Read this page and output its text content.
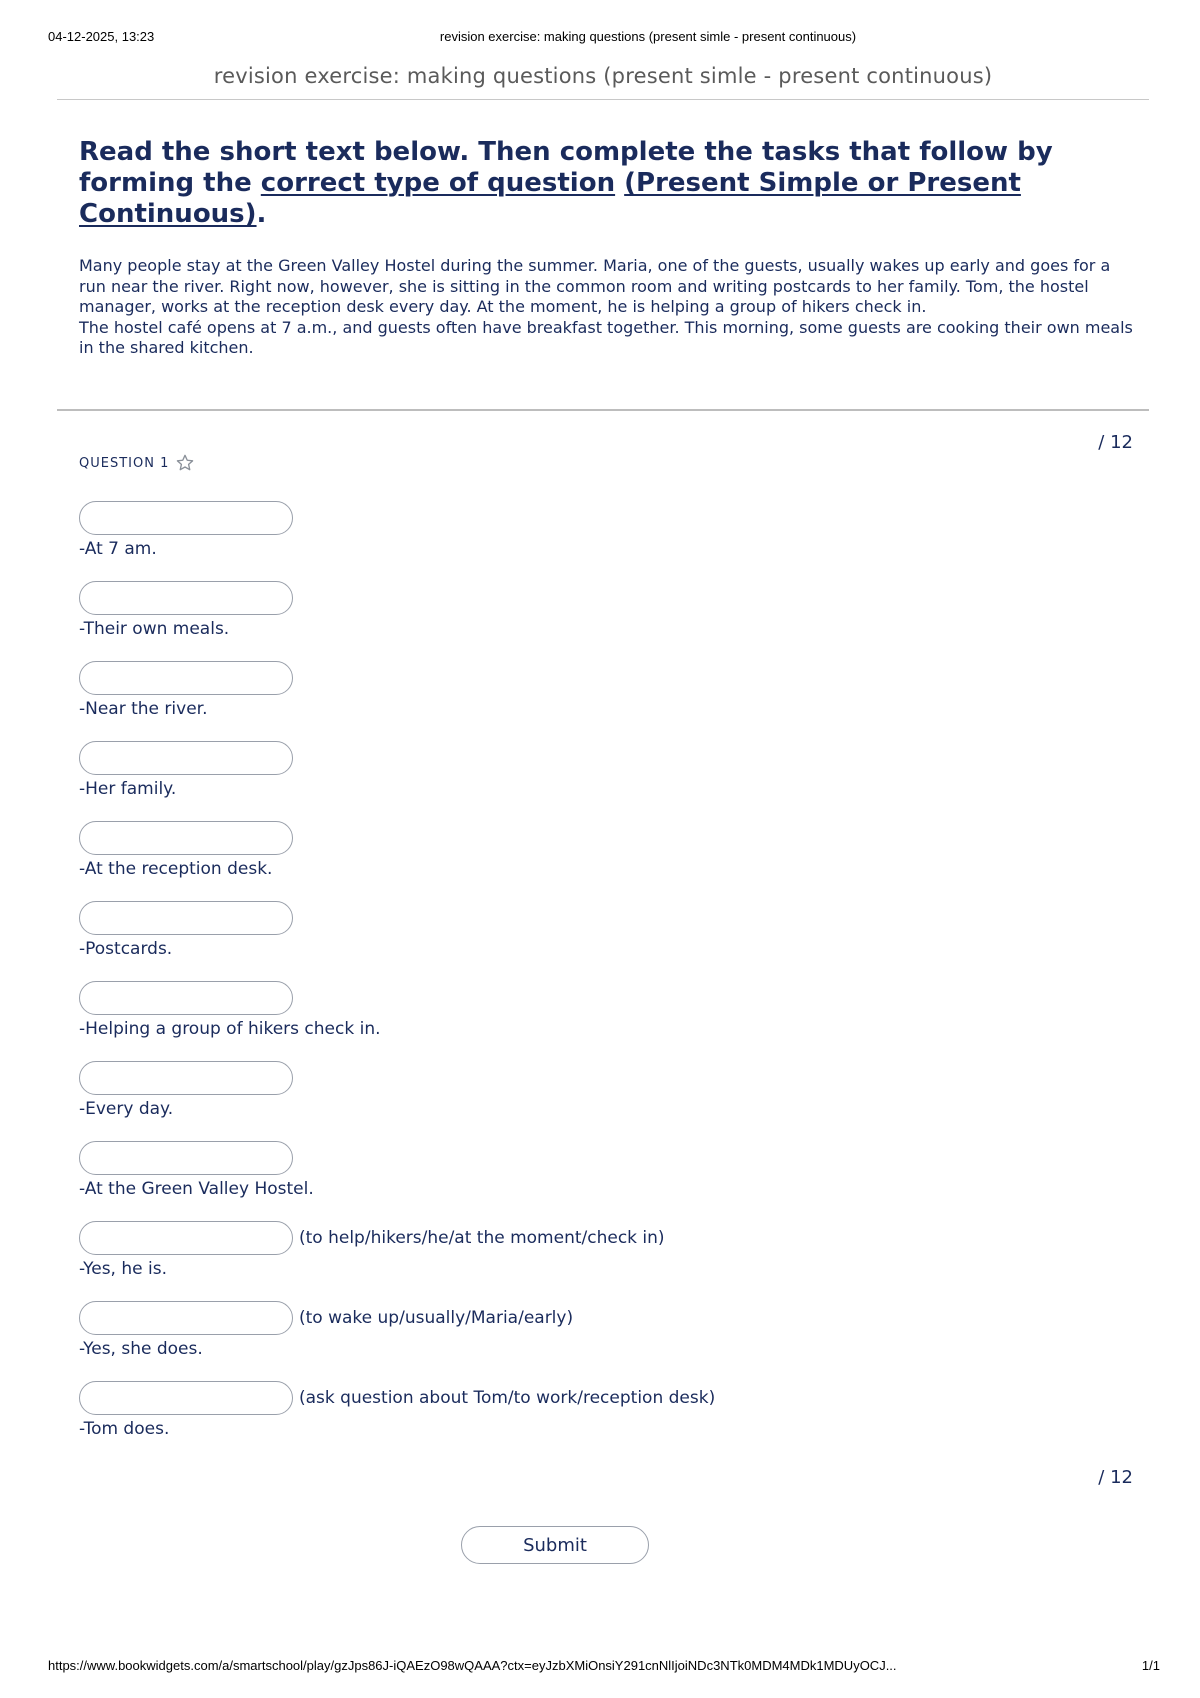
04-12-2025, 13:23	revision exercise: making questions (present simle - present continuous)
revision exercise: making questions (present simle - present continuous)
Read the short text below. Then complete the tasks that follow by forming the correct type of question (Present Simple or Present Continuous).

Many people stay at the Green Valley Hostel during the summer. Maria, one of the guests, usually wakes up early and goes for a run near the river. Right now, however, she is sitting in the common room and writing postcards to her family. Tom, the hostel manager, works at the reception desk every day. At the moment, he is helping a group of hikers check in.

The hostel café opens at 7 a.m., and guests often have breakfast together. This morning, some guests are cooking their own meals in the shared kitchen.

/ 12
QUESTION 1
-At 7 am.
-Their own meals.
-Near the river.
-Her family.
-At the reception desk.
-Postcards.
-Helping a group of hikers check in.
-Every day.
-At the Green Valley Hostel.
(to help/hikers/he/at the moment/check in)
-Yes, he is.
(to wake up/usually/Maria/early)
-Yes, she does.
(ask question about Tom/to work/reception desk)
-Tom does.
/ 12
Submit
https://www.bookwidgets.com/a/smartschool/play/gzJps86J-iQAEzO98wQAAA?ctx=eyJzbXMiOnsiY291cnNlIjoiNDc3NTk0MDM4MDk1MDUyOCJ...	1/1
